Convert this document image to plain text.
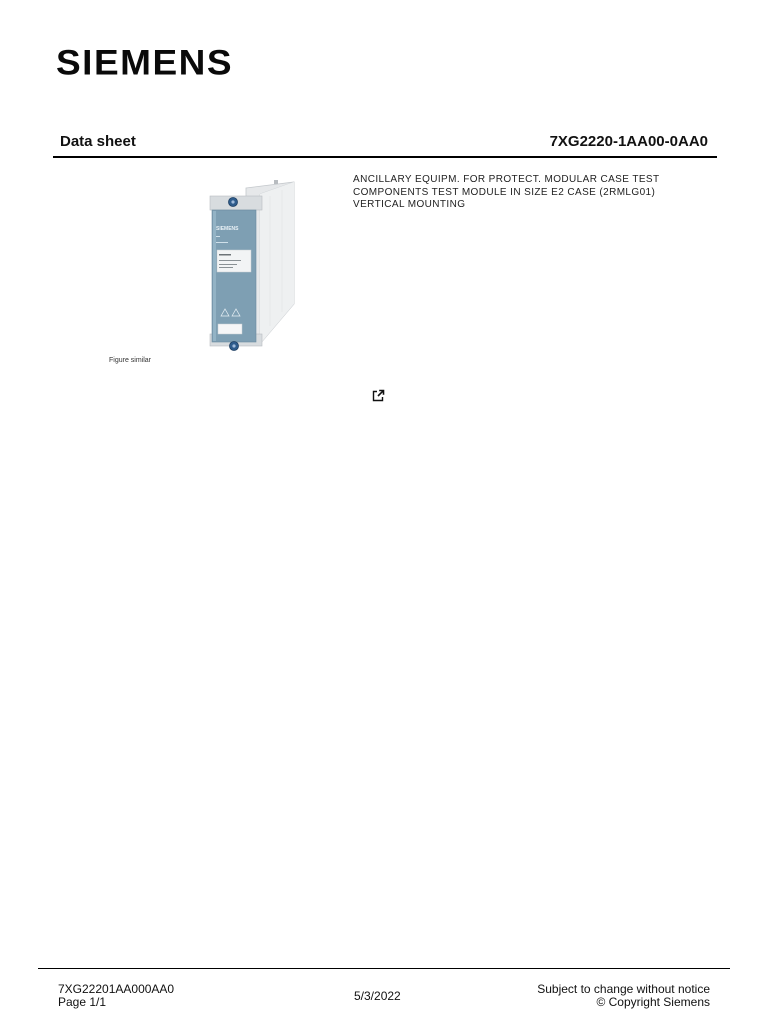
SIEMENS
Data sheet	7XG2220-1AA00-0AA0
SIEMENS
Figure similar
ANCILLARY EQUIPM. FOR PROTECT. MODULAR CASE TEST
COMPONENTS TEST MODULE IN SIZE E2 CASE (2RMLG01)
VERTICAL MOUNTING
7XG22201AA000AA0
Page 1/1	5/3/2022	Subject to change without notice
© Copyright Siemens
